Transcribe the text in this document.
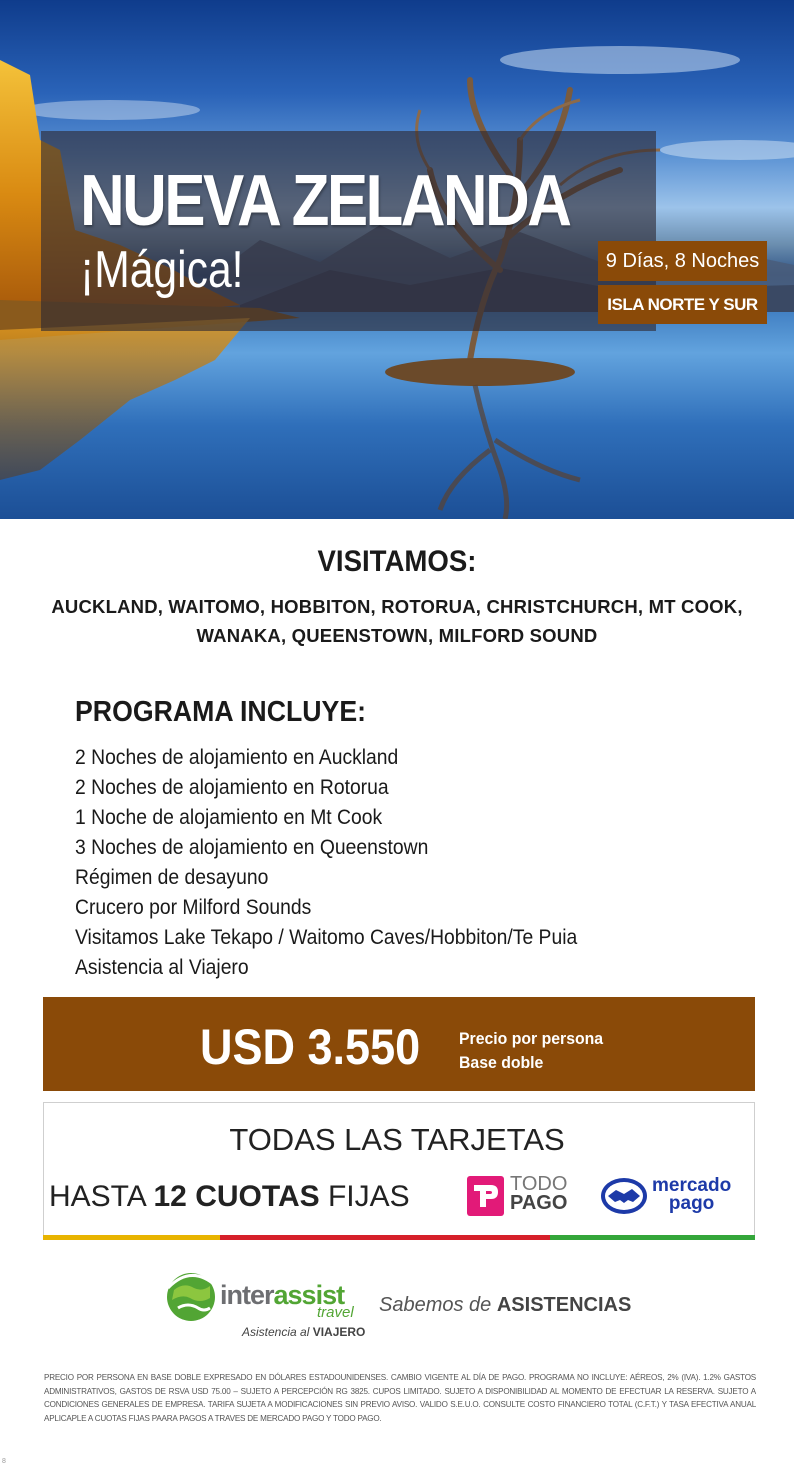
NUEVA ZELANDA
¡Mágica!	9 Días, 8 Noches
ISLA NORTE Y SUR
VISITAMOS:
AUCKLAND, WAITOMO, HOBBITON, ROTORUA, CHRISTCHURCH, MT COOK,
WANAKA, QUEENSTOWN, MILFORD SOUND
PROGRAMA INCLUYE:
2 Noches de alojamiento en Auckland
2 Noches de alojamiento en Rotorua
1 Noche de alojamiento en Mt Cook
3 Noches de alojamiento en Queenstown
Régimen de desayuno
Crucero por Milford Sounds
Visitamos Lake Tekapo / Waitomo Caves/Hobbiton/Te Puia
Asistencia al Viajero
USD 3.550 Precio por persona
Base doble
TODAS LAS TARJETAS
HASTA 12 CUOTAS FIJAS	TODO
PAGO
mercado
pago
interassist
travel
Asistencia al VIAJERO
Sabemos de ASISTENCIAS
PRECIO POR PERSONA EN BASE DOBLE EXPRESADO EN DÓLARES ESTADOUNIDENSES. CAMBIO VIGENTE AL DÍA DE PAGO. PROGRAMA NO INCLUYE: AÉREOS, 2% (IVA). 1.2% GASTOS ADMINISTRATIVOS, GASTOS DE RSVA USD 75.00 – SUJETO A PERCEPCIÓN RG 3825. CUPOS LIMITADO. SUJETO A DISPONIBILIDAD AL MOMENTO DE EFECTUAR LA RESERVA. SUJETO A CONDICIONES GENERALES DE EMPRESA. TARIFA SUJETA A MODIFICACIONES SIN PREVIO AVISO. VALIDO S.E.U.O. CONSULTE COSTO FINANCIERO TOTAL (C.F.T.) Y TASA EFECTIVA ANUAL APLICAPLE A CUOTAS FIJAS PAARA PAGOS A TRAVES DE MERCADO PAGO Y TODO PAGO.
8
